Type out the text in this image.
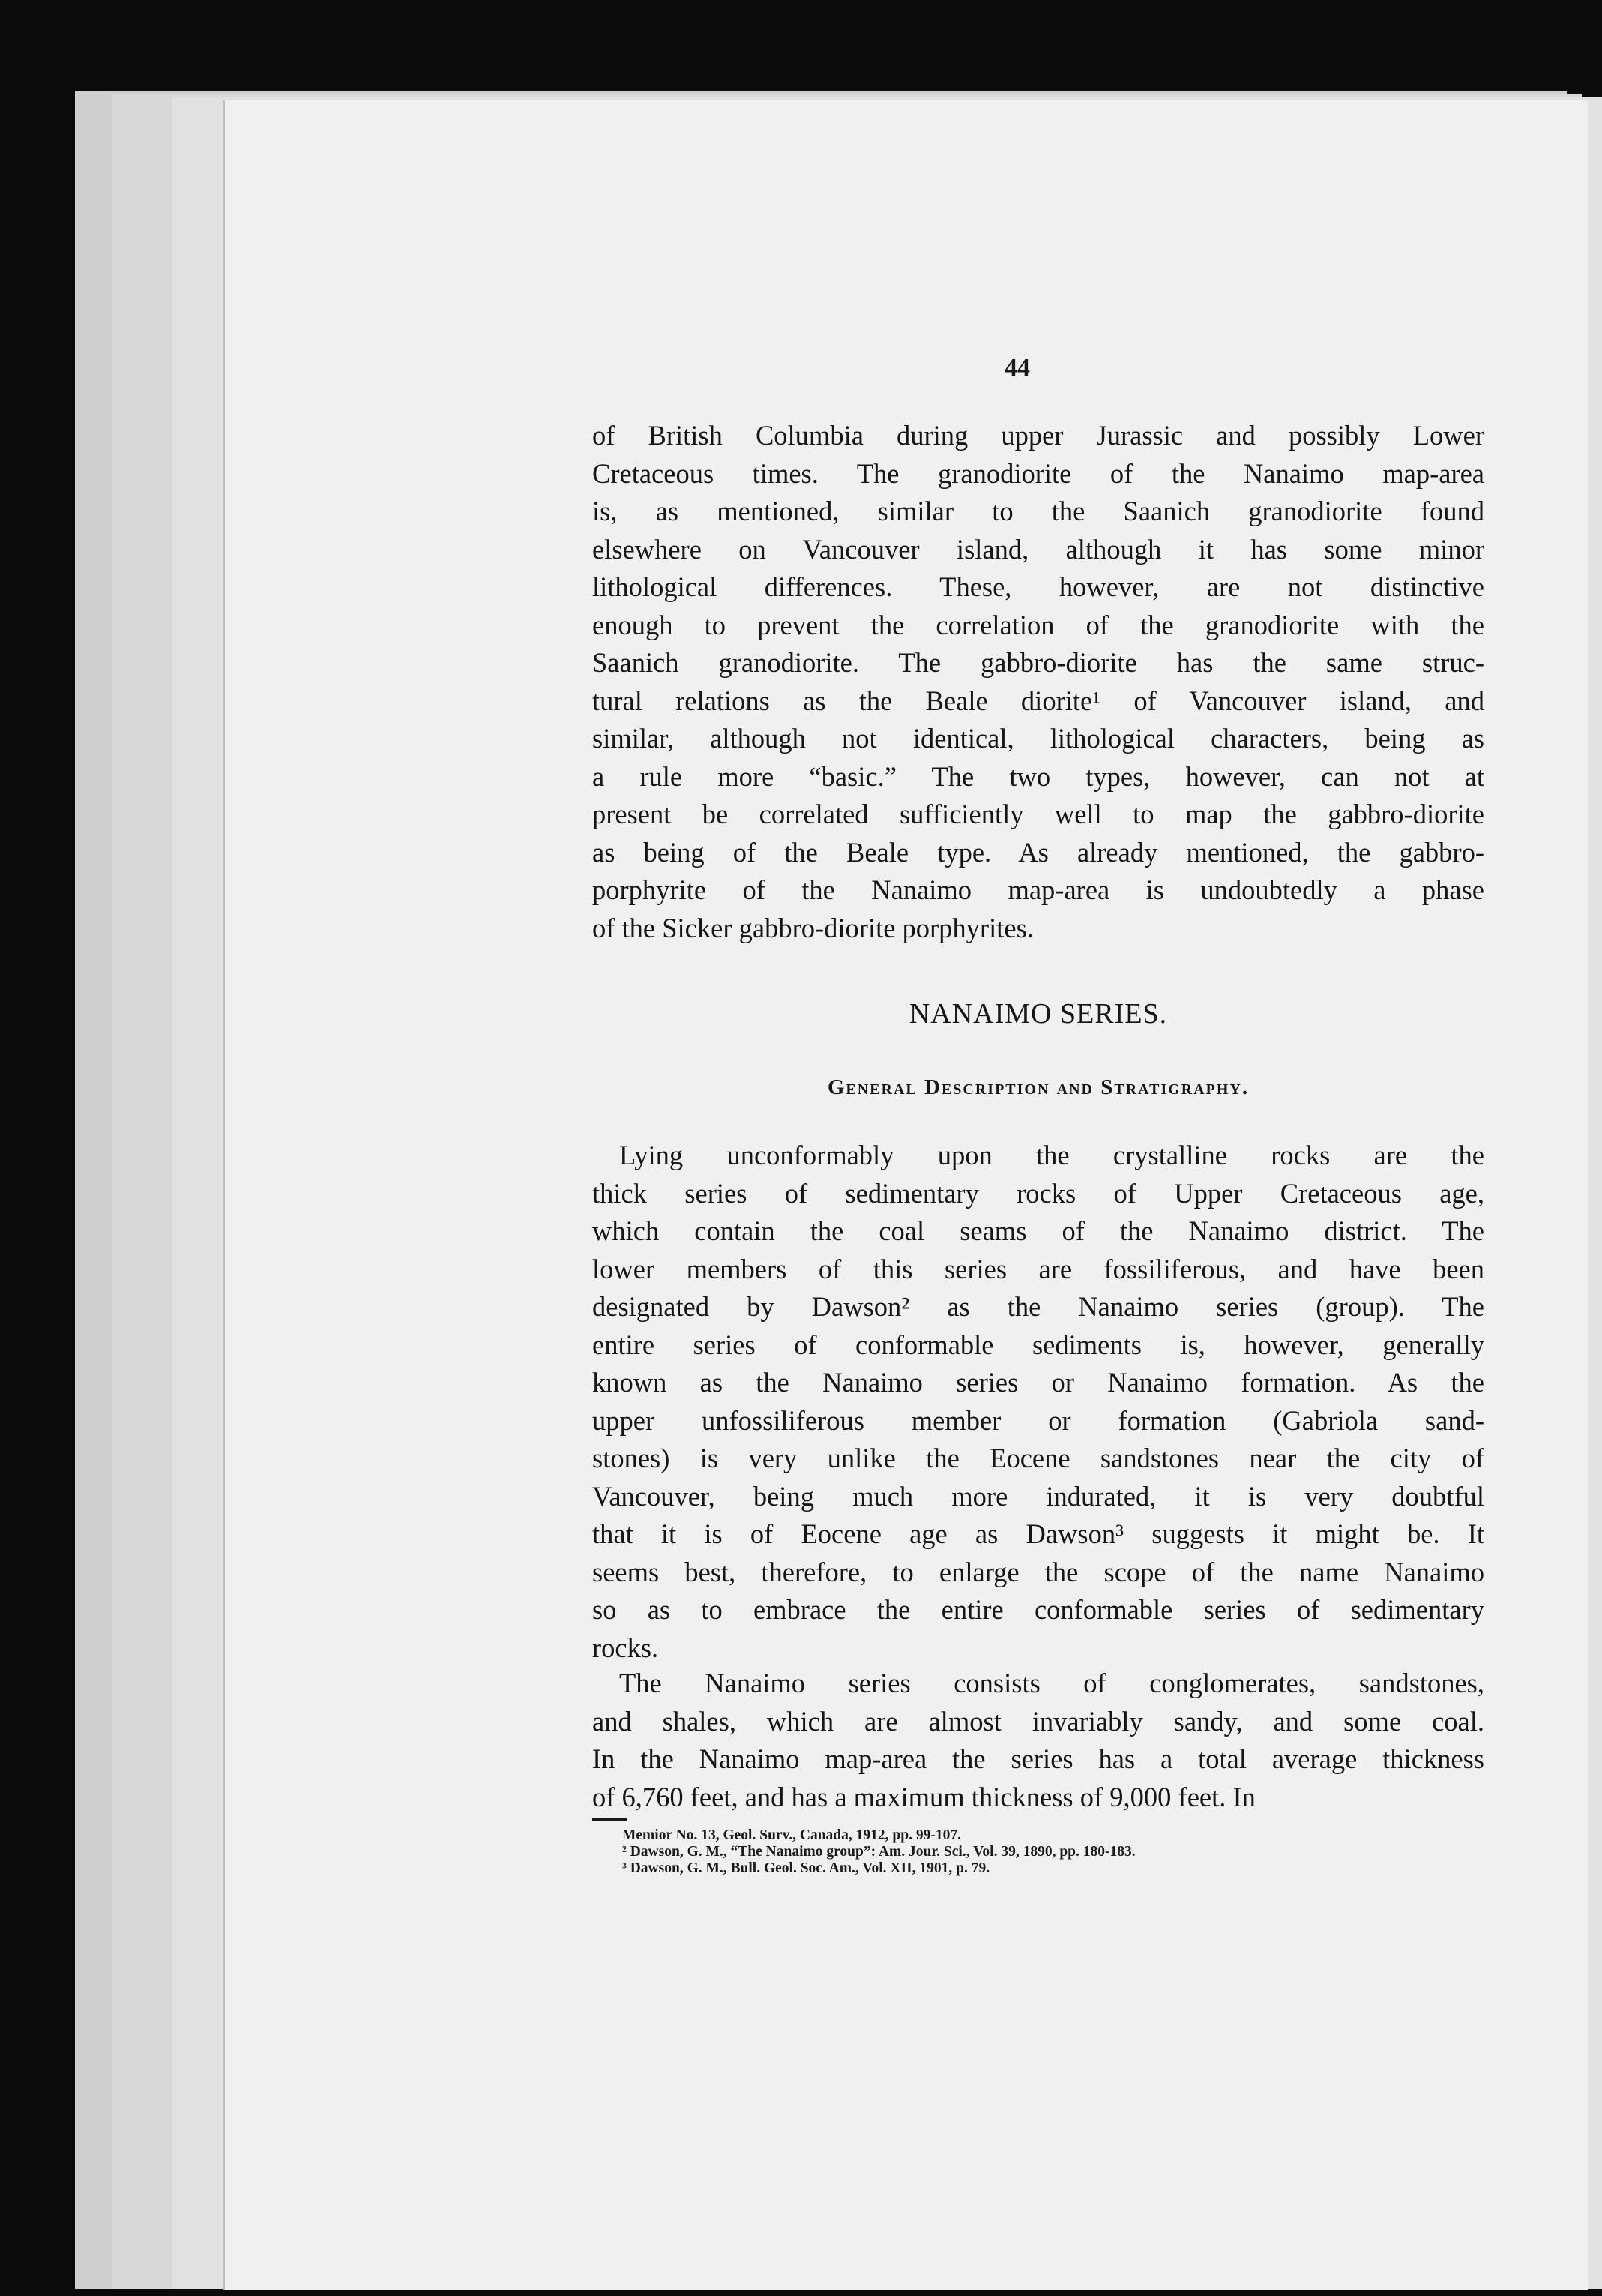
44
of British Columbia during upper Jurassic and possibly Lower
Cretaceous times. The granodiorite of the Nanaimo map-area
is, as mentioned, similar to the Saanich granodiorite found
elsewhere on Vancouver island, although it has some minor
lithological differences. These, however, are not distinctive
enough to prevent the correlation of the granodiorite with the
Saanich granodiorite. The gabbro-diorite has the same struc-
tural relations as the Beale diorite¹ of Vancouver island, and
similar, although not identical, lithological characters, being as
a rule more “basic.” The two types, however, can not at
present be correlated sufficiently well to map the gabbro-diorite
as being of the Beale type. As already mentioned, the gabbro-
porphyrite of the Nanaimo map-area is undoubtedly a phase
of the Sicker gabbro-diorite porphyrites.
NANAIMO SERIES.
General Description and Stratigraphy.
Lying unconformably upon the crystalline rocks are the
thick series of sedimentary rocks of Upper Cretaceous age,
which contain the coal seams of the Nanaimo district. The
lower members of this series are fossiliferous, and have been
designated by Dawson² as the Nanaimo series (group). The
entire series of conformable sediments is, however, generally
known as the Nanaimo series or Nanaimo formation. As the
upper unfossiliferous member or formation (Gabriola sand-
stones) is very unlike the Eocene sandstones near the city of
Vancouver, being much more indurated, it is very doubtful
that it is of Eocene age as Dawson³ suggests it might be. It
seems best, therefore, to enlarge the scope of the name Nanaimo
so as to embrace the entire conformable series of sedimentary
rocks.
The Nanaimo series consists of conglomerates, sandstones,
and shales, which are almost invariably sandy, and some coal.
In the Nanaimo map-area the series has a total average thickness
of 6,760 feet, and has a maximum thickness of 9,000 feet. In
Memior No. 13, Geol. Surv., Canada, 1912, pp. 99-107.
² Dawson, G. M., “The Nanaimo group”: Am. Jour. Sci., Vol. 39, 1890, pp. 180-183.
³ Dawson, G. M., Bull. Geol. Soc. Am., Vol. XII, 1901, p. 79.
